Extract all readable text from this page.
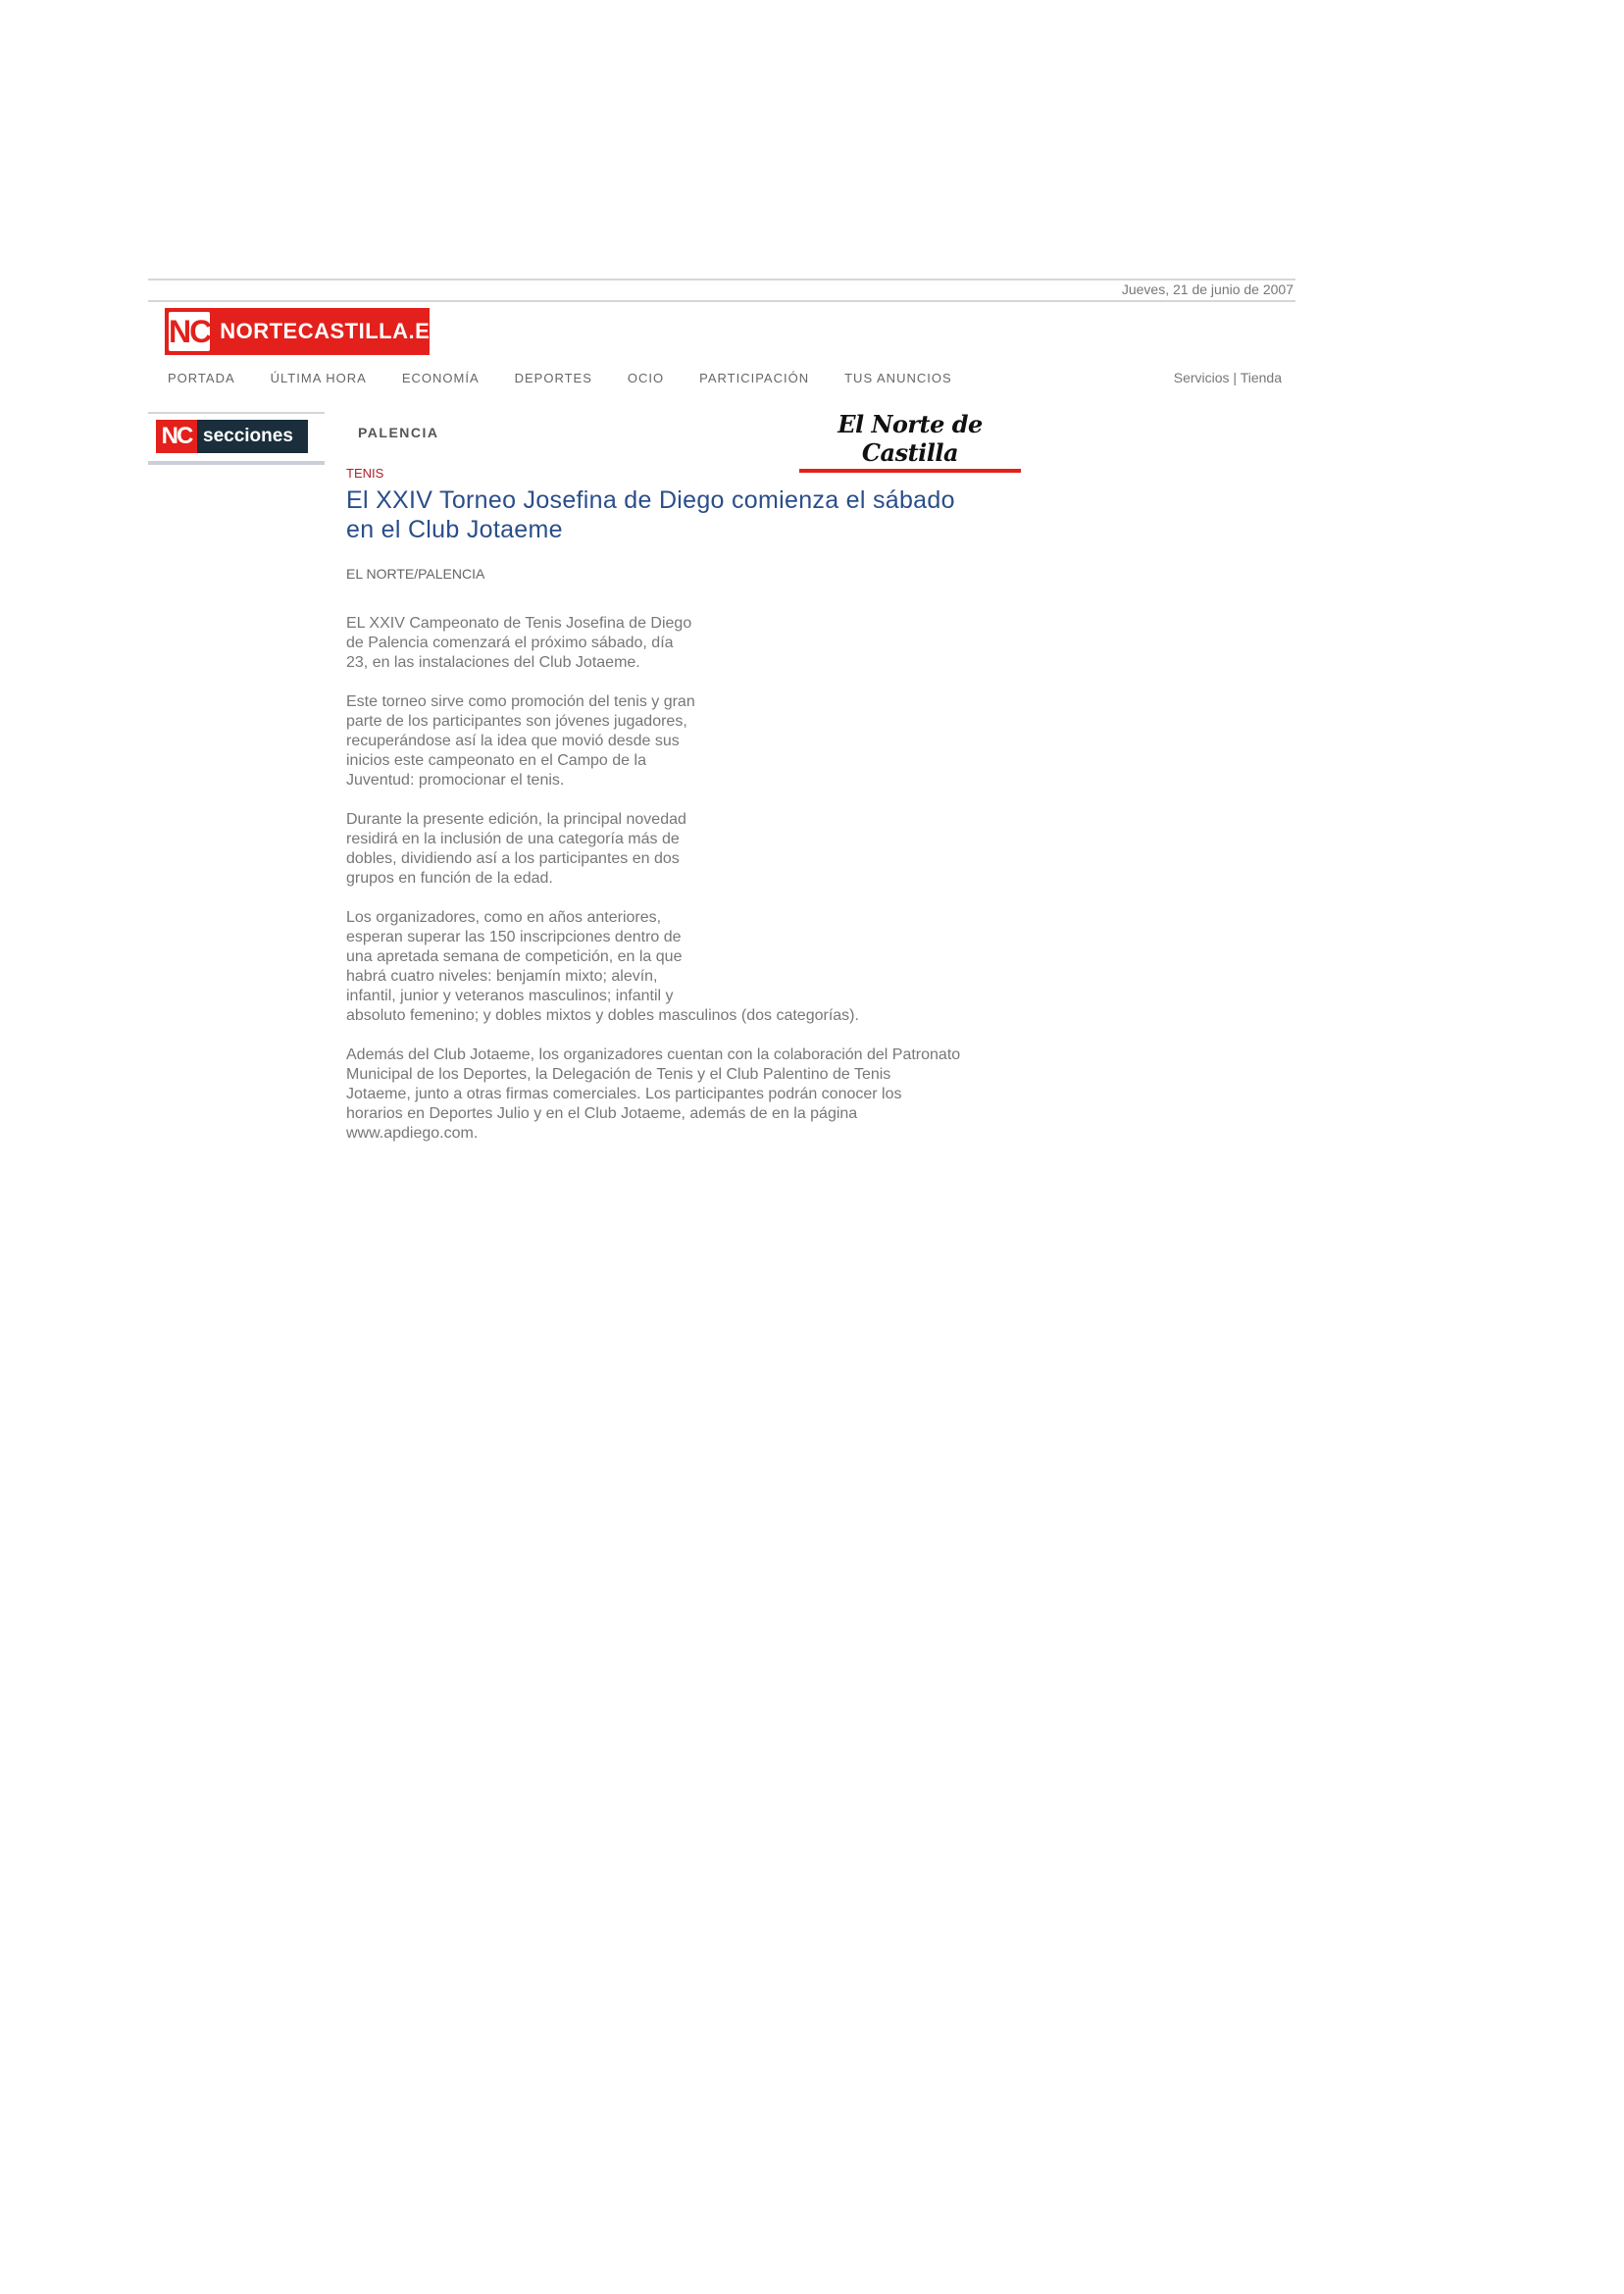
Jueves, 21 de junio de 2007
NC NORTECASTILLA.ES
PORTADA	ÚLTIMA HORA	ECONOMÍA	DEPORTES	OCIO	PARTICIPACIÓN	TUS ANUNCIOS	Servicios | Tienda
NC secciones	PALENCIA	El Norte de Castilla
TENIS
El XXIV Torneo Josefina de Diego comienza el sábado
en el Club Jotaeme
EL NORTE/PALENCIA

EL XXIV Campeonato de Tenis Josefina de Diego
de Palencia comenzará el próximo sábado, día
23, en las instalaciones del Club Jotaeme.

Este torneo sirve como promoción del tenis y gran
parte de los participantes son jóvenes jugadores,
recuperándose así la idea que movió desde sus
inicios este campeonato en el Campo de la
Juventud: promocionar el tenis.

Durante la presente edición, la principal novedad
residirá en la inclusión de una categoría más de
dobles, dividiendo así a los participantes en dos
grupos en función de la edad.

Los organizadores, como en años anteriores,
esperan superar las 150 inscripciones dentro de
una apretada semana de competición, en la que
habrá cuatro niveles: benjamín mixto; alevín,
infantil, junior y veteranos masculinos; infantil y
absoluto femenino; y dobles mixtos y dobles masculinos (dos categorías).

Además del Club Jotaeme, los organizadores cuentan con la colaboración del Patronato
Municipal de los Deportes, la Delegación de Tenis y el Club Palentino de Tenis
Jotaeme, junto a otras firmas comerciales. Los participantes podrán conocer los
horarios en Deportes Julio y en el Club Jotaeme, además de en la página
www.apdiego.com.
